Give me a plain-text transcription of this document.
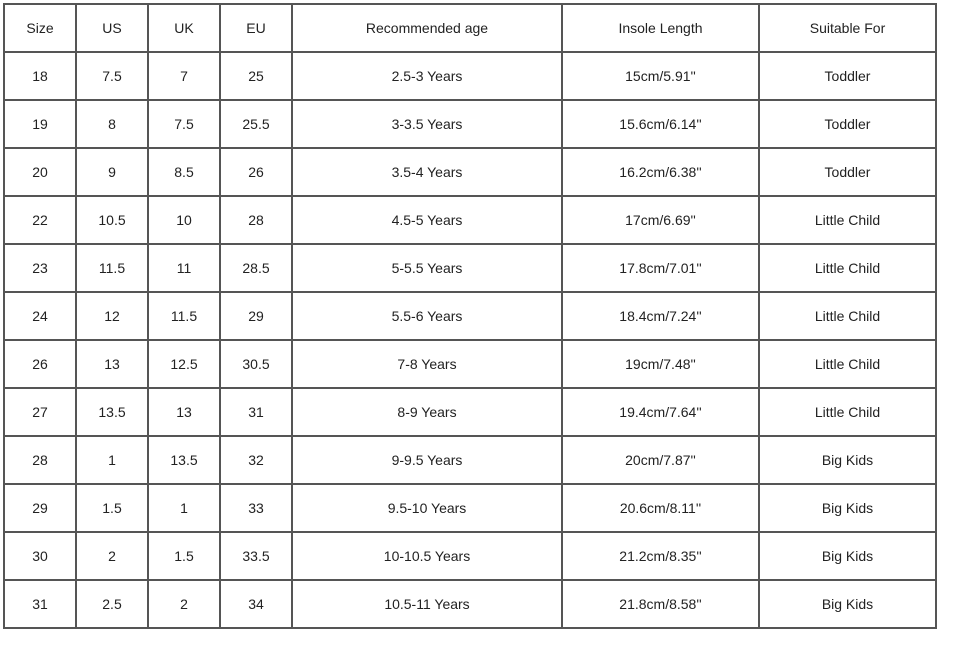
Size	US	UK	EU	Recommended age	Insole Length	Suitable For
18	7.5	7	25	2.5-3 Years	15cm/5.91''	Toddler
19	8	7.5	25.5	3-3.5 Years	15.6cm/6.14''	Toddler
20	9	8.5	26	3.5-4 Years	16.2cm/6.38''	Toddler
22	10.5	10	28	4.5-5 Years	17cm/6.69''	Little Child
23	11.5	11	28.5	5-5.5 Years	17.8cm/7.01''	Little Child
24	12	11.5	29	5.5-6 Years	18.4cm/7.24''	Little Child
26	13	12.5	30.5	7-8 Years	19cm/7.48''	Little Child
27	13.5	13	31	8-9 Years	19.4cm/7.64''	Little Child
28	1	13.5	32	9-9.5 Years	20cm/7.87''	Big Kids
29	1.5	1	33	9.5-10 Years	20.6cm/8.11''	Big Kids
30	2	1.5	33.5	10-10.5 Years	21.2cm/8.35''	Big Kids
31	2.5	2	34	10.5-11 Years	21.8cm/8.58''	Big Kids
